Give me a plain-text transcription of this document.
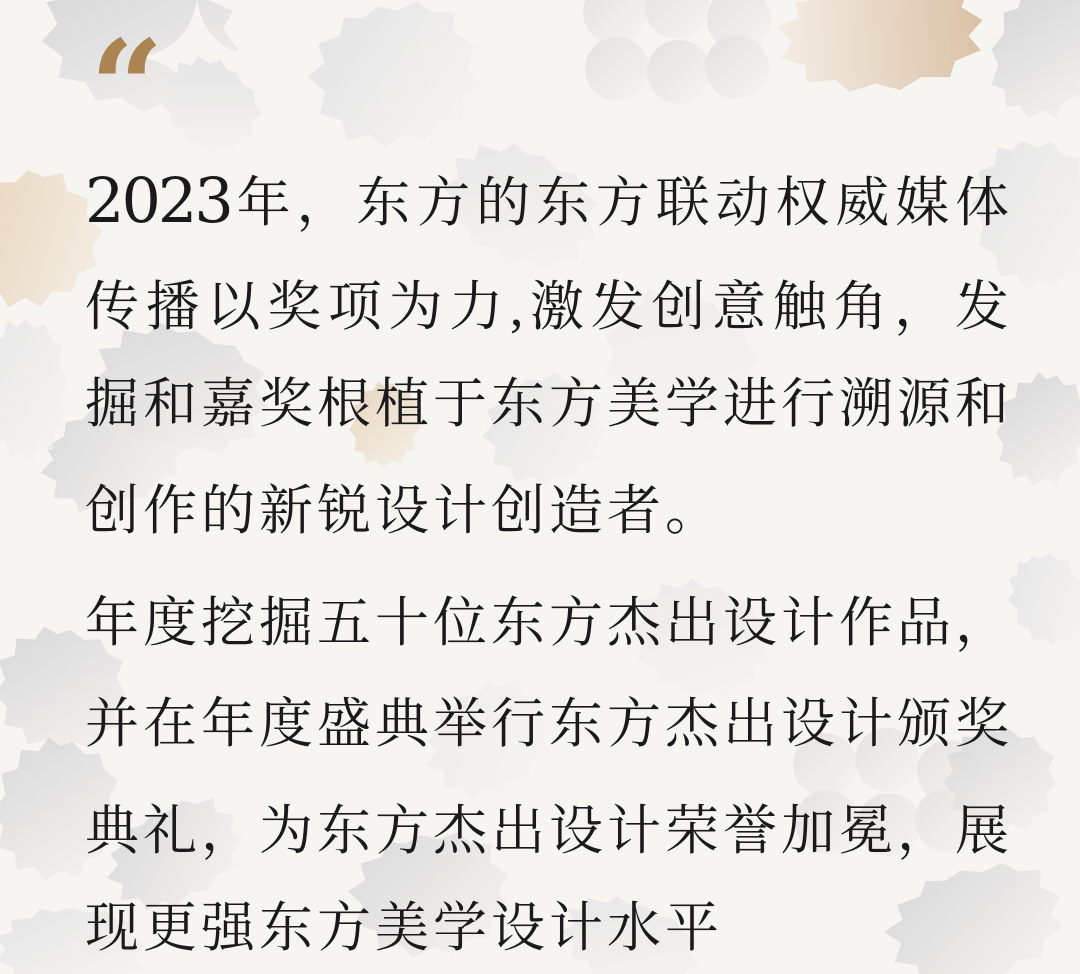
“
2023 年 ， 东 方 的 东 方 联 动 权 威 媒 体
传 播 以 奖 项 为 力 , 激 发 创 意 触 角 ， 发
掘 和 嘉 奖 根 植 于 东 方 美 学 进 行 溯 源 和
创 作 的 新 锐 设 计 创 造 者 。
年 度 挖 掘 五 十 位 东 方 杰 出 设 计 作 品 ，
并 在 年 度 盛 典 举 行 东 方 杰 出 设 计 颁 奖
典 礼 ， 为 东 方 杰 出 设 计 荣 誉 加 冕 ， 展
现 更 强 东 方 美 学 设 计 水 平
